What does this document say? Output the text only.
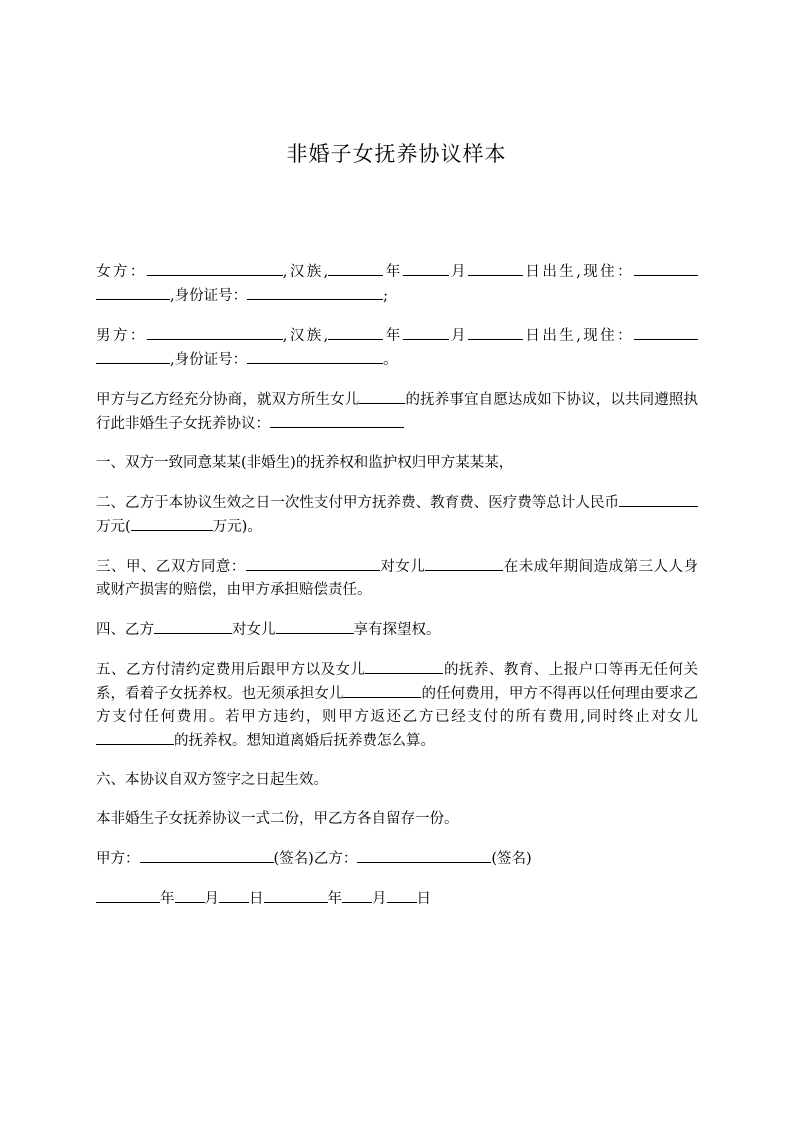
非婚子女抚养协议样本

女方：	,汉族,	年	月	日出生,现住：,身份证号：	;

男方：	,汉族,	年	月	日出生,现住：,身份证号：	。

甲方与乙方经充分协商，就双方所生女儿	的抚养事宜自愿达成如下协议，以共同遵照执行此非婚生子女抚养协议：

一、双方一致同意某某(非婚生)的抚养权和监护权归甲方某某某，

二、乙方于本协议生效之日一次性支付甲方抚养费、教育费、医疗费等总计人民币万元(	万元)。

三、甲、乙双方同意：	对女儿	在未成年期间造成第三人人身或财产损害的赔偿，由甲方承担赔偿责任。

四、乙方	对女儿	享有探望权。

五、乙方付清约定费用后跟甲方以及女儿	的抚养、教育、上报户口等再无任何关系，看着子女抚养权。也无须承担女儿	的任何费用，甲方不得再以任何理由要求乙方支付任何费用。若甲方违约，则甲方返还乙方已经支付的所有费用,同时终止对女儿的抚养权。想知道离婚后抚养费怎么算。

六、本协议自双方签字之日起生效。

本非婚生子女抚养协议一式二份，甲乙方各自留存一份。

甲方：	(签名)乙方：	(签名)

年 月 日	年 月 日
